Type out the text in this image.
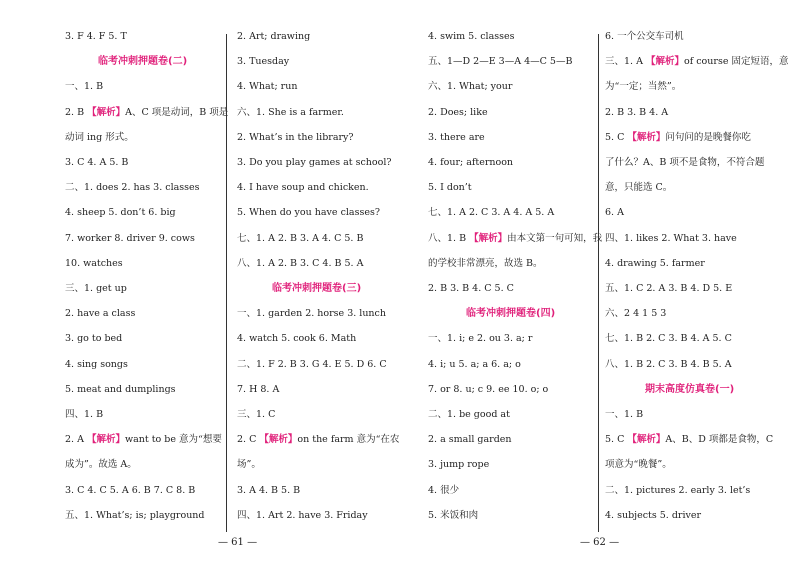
3. F 4. F 5. T
临考冲刺押题卷(二)
一、1. B
2. B 【解析】A、C 项是动词，B 项是
动词 ing 形式。
3. C 4. A 5. B
二、1. does 2. has 3. classes
4. sheep 5. don’t 6. big
7. worker 8. driver 9. cows
10. watches
三、1. get up
2. have a class
3. go to bed
4. sing songs
5. meat and dumplings
四、1. B
2. A 【解析】want to be 意为“想要
成为”。故选 A。
3. C 4. C 5. A 6. B 7. C 8. B
五、1. What’s; is; playground
2. Art; drawing
3. Tuesday
4. What; run
六、1. She is a farmer.
2. What’s in the library?
3. Do you play games at school?
4. I have soup and chicken.
5. When do you have classes?
七、1. A 2. B 3. A 4. C 5. B
八、1. A 2. B 3. C 4. B 5. A
临考冲刺押题卷(三)
一、1. garden 2. horse 3. lunch
4. watch 5. cook 6. Math
二、1. F 2. B 3. G 4. E 5. D 6. C
7. H 8. A
三、1. C
2. C 【解析】on the farm 意为“在农
场”。
3. A 4. B 5. B
四、1. Art 2. have 3. Friday
4. swim 5. classes
五、1—D 2—E 3—A 4—C 5—B
六、1. What; your
2. Does; like
3. there are
4. four; afternoon
5. I don’t
七、1. A 2. C 3. A 4. A 5. A
八、1. B 【解析】由本文第一句可知，我
的学校非常漂亮，故选 B。
2. B 3. B 4. C 5. C
临考冲刺押题卷(四)
一、1. i; e 2. ou 3. a; r
4. i; u 5. a; a 6. a; o
7. or 8. u; c 9. ee 10. o; o
二、1. be good at
2. a small garden
3. jump rope
4. 很少
5. 米饭和肉
6. 一个公交车司机
三、1. A 【解析】of course 固定短语，意
为“一定；当然”。
2. B 3. B 4. A
5. C 【解析】问句问的是晚餐你吃
了什么？A、B 项不是食物，不符合题
意，只能选 C。
6. A
四、1. likes 2. What 3. have
4. drawing 5. farmer
五、1. C 2. A 3. B 4. D 5. E
六、2 4 1 5 3
七、1. B 2. C 3. B 4. A 5. C
八、1. B 2. C 3. B 4. B 5. A
期末高度仿真卷(一)
一、1. B
5. C 【解析】A、B、D 项都是食物，C
项意为“晚餐”。
二、1. pictures 2. early 3. let’s
4. subjects 5. driver
— 61 —	— 62 —
